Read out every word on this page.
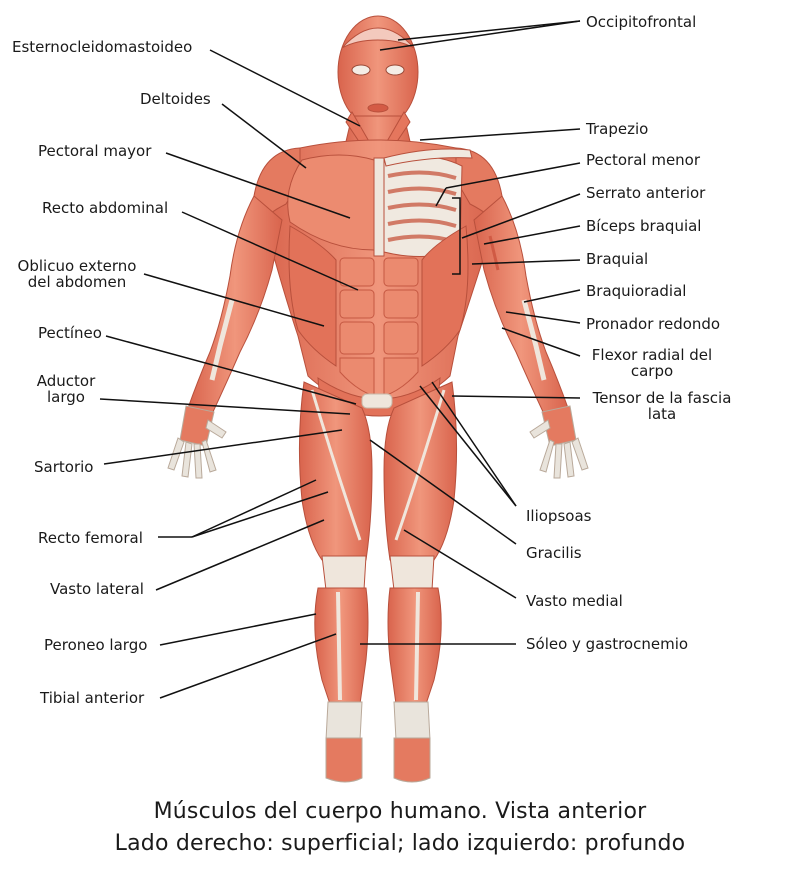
Esternocleidomastoideo
Deltoides
Pectoral mayor
Recto abdominal
Oblicuo externo
del abdomen
Pectíneo
Aductor
largo
Sartorio
Recto femoral
Vasto lateral
Peroneo largo
Tibial anterior
Occipitofrontal
Trapezio
Pectoral menor
Serrato anterior
Bíceps braquial
Braquial
Braquioradial
Pronador redondo
Flexor radial del
carpo
Tensor de la fascia
lata
Iliopsoas
Gracilis
Vasto medial
Sóleo y gastrocnemio
Músculos del cuerpo humano. Vista anterior
Lado derecho: superficial; lado izquierdo: profundo
